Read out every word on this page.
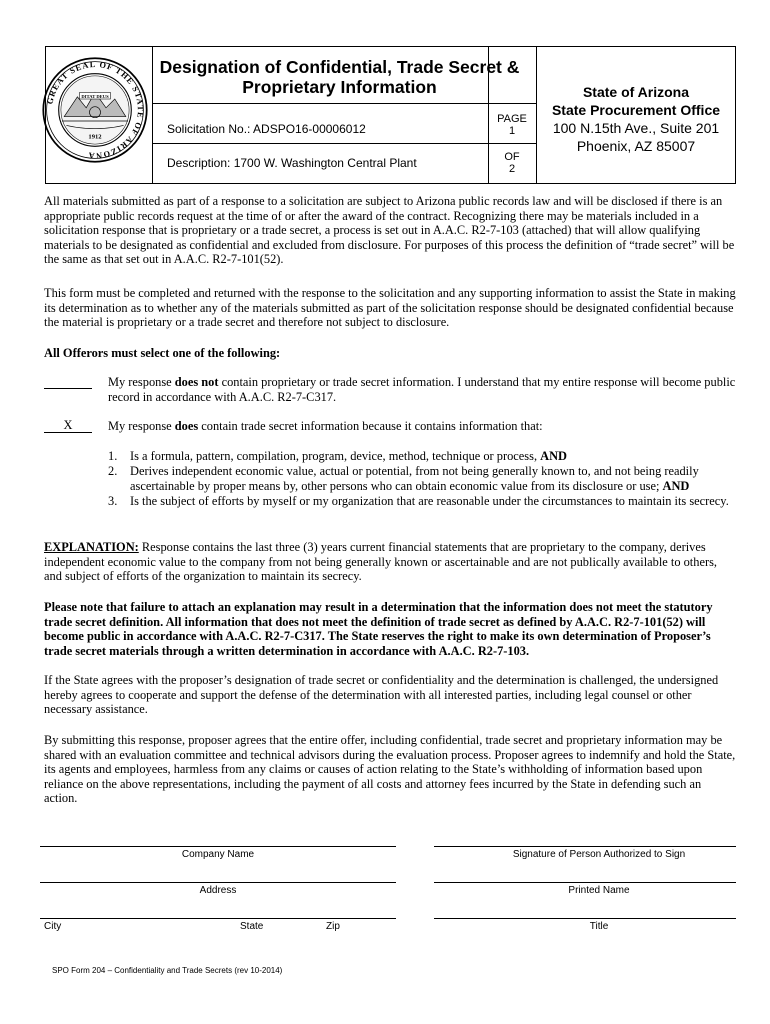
GREAT SEAL OF THE STATE OF ARIZONA
DITAT DEUS
1912
Designation of Confidential, Trade Secret &
Proprietary Information
Solicitation No.: ADSPO16-00006012
Description: 1700 W. Washington Central Plant
PAGE
1
OF
2
State of Arizona
State Procurement Office
100 N.15th Ave., Suite 201
Phoenix, AZ 85007

All materials submitted as part of a response to a solicitation are subject to Arizona public records law and will be disclosed if there is an appropriate public records request at the time of or after the award of the contract. Recognizing there may be materials included in a solicitation response that is proprietary or a trade secret, a process is set out in A.A.C. R2-7-103 (attached) that will allow qualifying materials to be designated as confidential and excluded from disclosure. For purposes of this process the definition of “trade secret” will be the same as that set out in A.A.C. R2-7-101(52).

This form must be completed and returned with the response to the solicitation and any supporting information to assist the State in making its determination as to whether any of the materials submitted as part of the solicitation response should be designated confidential because the material is proprietary or a trade secret and therefore not subject to disclosure.

All Offerors must select one of the following:

My response does not contain proprietary or trade secret information. I understand that my entire response will become public record in accordance with A.A.C. R2-7-C317.

X	My response does contain trade secret information because it contains information that:

1. Is a formula, pattern, compilation, program, device, method, technique or process, AND
2. Derives independent economic value, actual or potential, from not being generally known to, and not being readily ascertainable by proper means by, other persons who can obtain economic value from its disclosure or use; AND
3. Is the subject of efforts by myself or my organization that are reasonable under the circumstances to maintain its secrecy.

EXPLANATION: Response contains the last three (3) years current financial statements that are proprietary to the company, derives independent economic value to the company from not being generally known or ascertainable and are not publically available to others, and subject of efforts of the organization to maintain its secrecy.

Please note that failure to attach an explanation may result in a determination that the information does not meet the statutory trade secret definition. All information that does not meet the definition of trade secret as defined by A.A.C. R2-7-101(52) will become public in accordance with A.A.C. R2-7-C317. The State reserves the right to make its own determination of Proposer’s trade secret materials through a written determination in accordance with A.A.C. R2-7-103.

If the State agrees with the proposer’s designation of trade secret or confidentiality and the determination is challenged, the undersigned hereby agrees to cooperate and support the defense of the determination with all interested parties, including legal counsel or other necessary assistance.

By submitting this response, proposer agrees that the entire offer, including confidential, trade secret and proprietary information may be shared with an evaluation committee and technical advisors during the evaluation process. Proposer agrees to indemnify and hold the State, its agents and employees, harmless from any claims or causes of action relating to the State’s withholding of information based upon reliance on the above representations, including the payment of all costs and attorney fees incurred by the State in defending such an action.

Company Name	Signature of Person Authorized to Sign
Address	Printed Name
City	State	Zip	Title
SPO Form 204 – Confidentiality and Trade Secrets (rev 10-2014)
